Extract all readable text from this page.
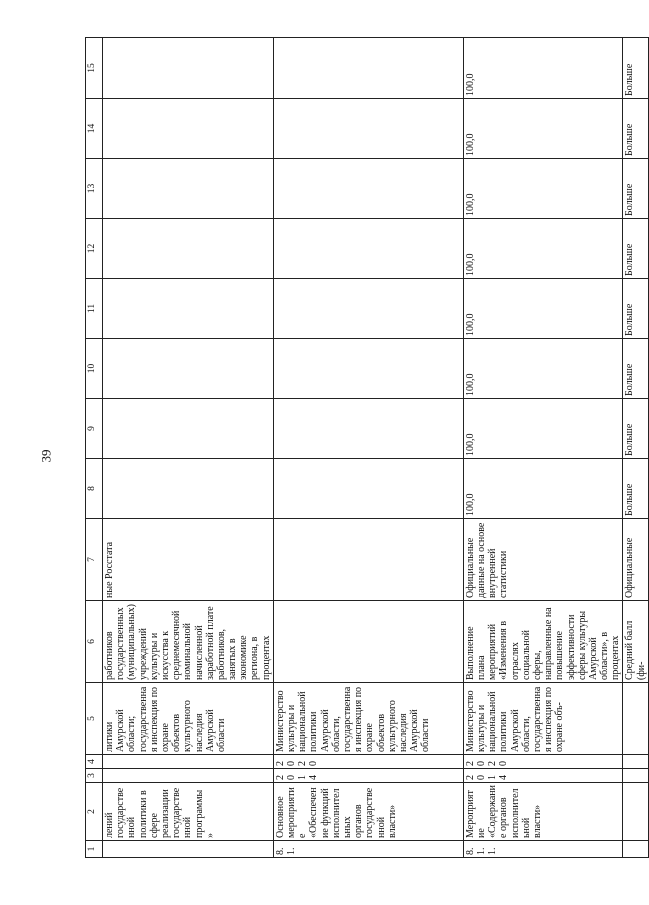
39
1	2	3	4	5	6	7	8	9	10	11	12	13	14	15
	лений государственной политики в сфере реализации государственной программы»			литики Амурской области; государственная инспекция по охране объектов культурного наследия Амурской области	работников государственных (муниципальных) учреждений культуры и искусства к среднемесячной номинальной начисленной заработной плате работников, занятых в экономике региона, в процентах	ные Росстата								
8.1.	Основное мероприятие «Обеспечение функций исполнительных органов государственной власти»	2014	2020	Министерство культуры и национальной политики Амурской области, государственная инспекция по охране объектов культурного наследия Амурской области										
8.1.1.	Мероприятие «Содержание органов исполнительной власти»	2014	2020	Министерство культуры и национальной политики Амурской области, государственная инспекция по охране объ-	Выполнение плана мероприятий «Изменения в отраслях социальной сферы, направленные на повышение эффективности сферы культуры Амурской области», в процентах	Официальные данные на основе внутренней статистики	100,0	100,0	100,0	100,0	100,0	100,0	100,0	100,0
					Средний балл (фи-	Официальные	Больше	Больше	Больше	Больше	Больше	Больше	Больше	Больше
